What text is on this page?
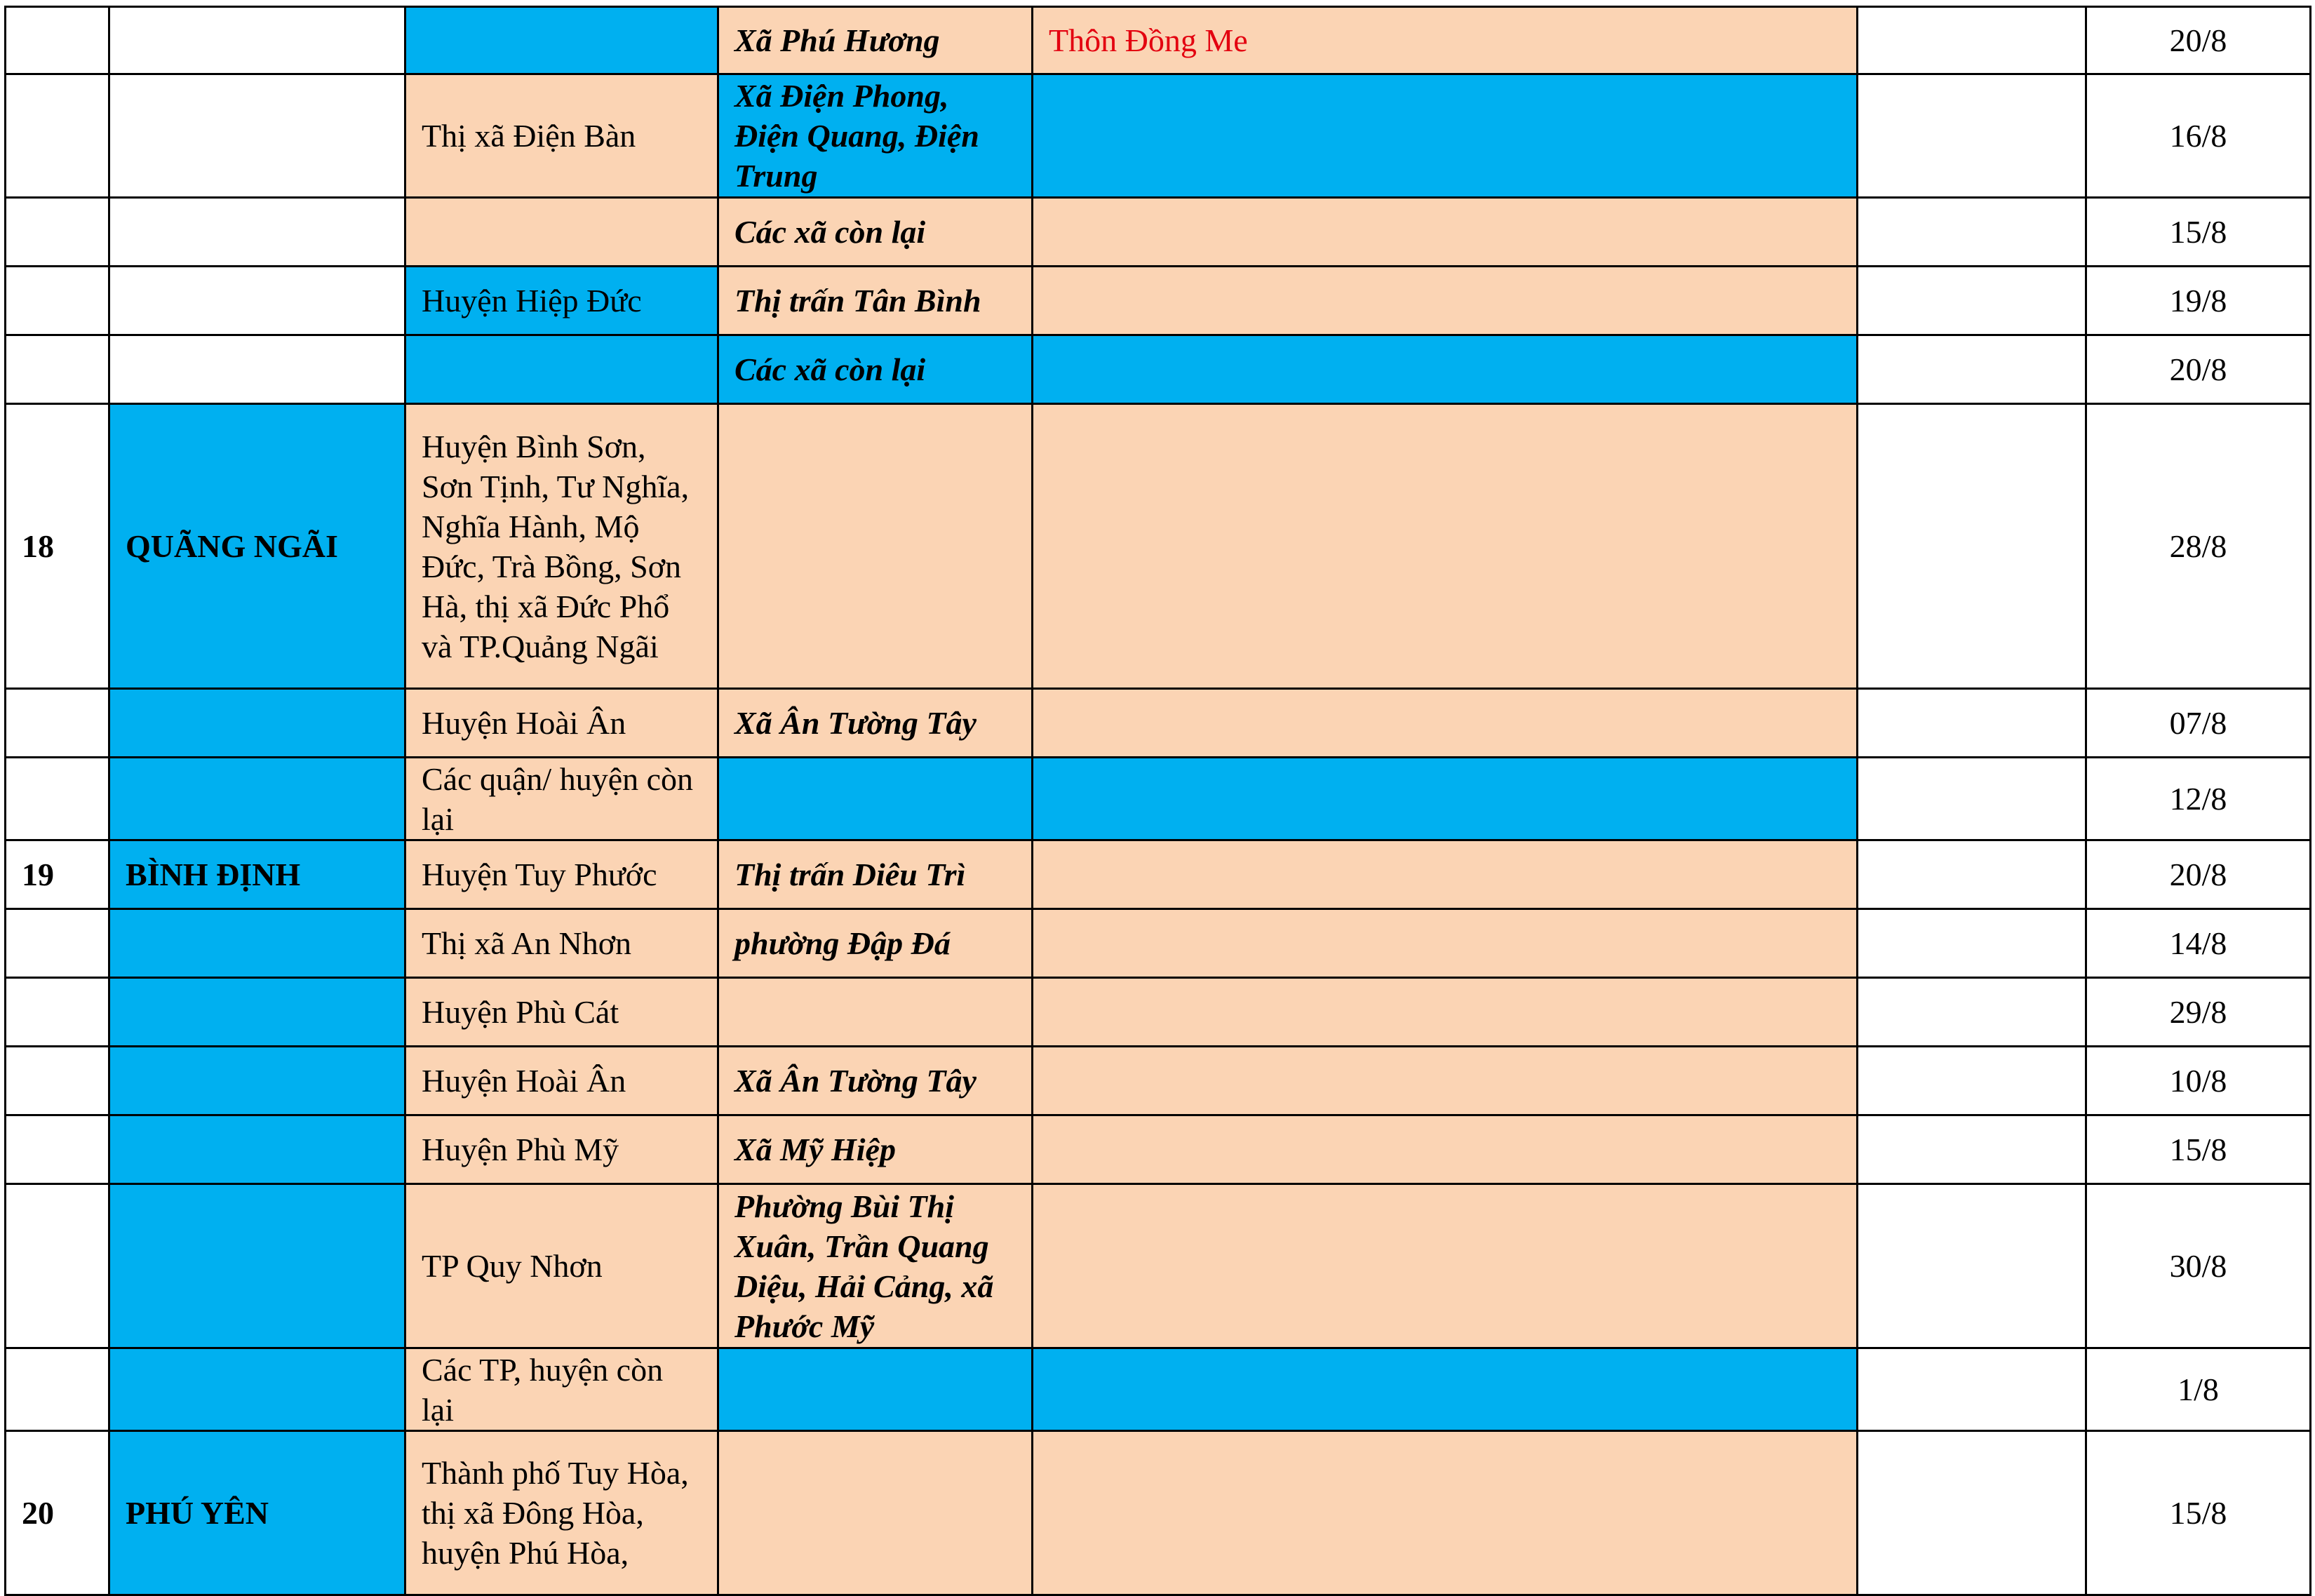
			Xã Phú Hương	Thôn Đồng Me		20/8
		Thị xã Điện Bàn	Xã Điện Phong, Điện Quang, Điện Trung			16/8
			Các xã còn lại			15/8
		Huyện Hiệp Đức	Thị trấn Tân Bình			19/8
			Các xã còn lại			20/8
18	QUÃNG NGÃI	Huyện Bình Sơn, Sơn Tịnh, Tư Nghĩa, Nghĩa Hành, Mộ Đức, Trà Bồng, Sơn Hà, thị xã Đức Phổ và TP.Quảng Ngãi				28/8
		Huyện Hoài Ân	Xã Ân Tường Tây			07/8
		Các quận/ huyện còn lại				12/8
19	BÌNH ĐỊNH	Huyện Tuy Phước	Thị trấn Diêu Trì			20/8
		Thị xã An Nhơn	phường Đập Đá			14/8
		Huyện Phù Cát				29/8
		Huyện Hoài Ân	Xã Ân Tường Tây			10/8
		Huyện Phù Mỹ	Xã Mỹ Hiệp			15/8
		TP Quy Nhơn	Phường Bùi Thị Xuân, Trần Quang Diệu, Hải Cảng, xã Phước Mỹ			30/8
		Các TP, huyện còn lại				1/8
20	PHÚ YÊN	Thành phố Tuy Hòa, thị xã Đông Hòa, huyện Phú Hòa,				15/8
